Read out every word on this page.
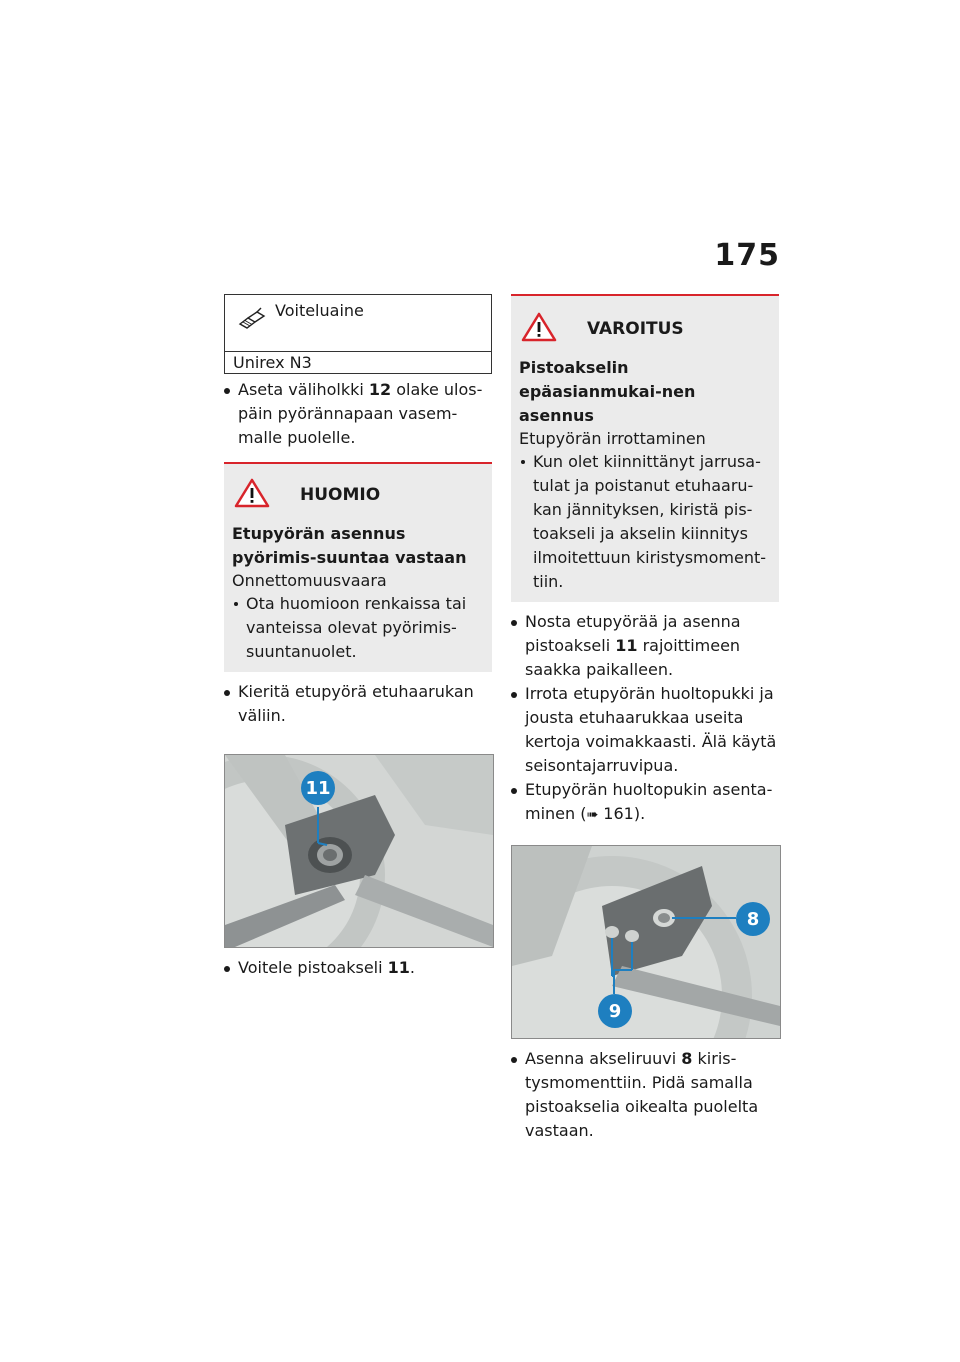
175
Voiteluaine
Unirex N3

Aseta väliholkki 12 olake ulos-päin pyörännapaan vasem-malle puolelle.

HUOMIO
Etupyörän asennus pyörimis-suuntaa vastaan
Onnettomuusvaara
Ota huomioon renkaissa tai vanteissa olevat pyörimis-suuntanuolet.

Kieritä etupyörä etuhaarukan väliin.

11

Voitele pistoakseli 11.

VAROITUS
Pistoakselin epäasianmukai-nen asennus
Etupyörän irrottaminen
Kun olet kiinnittänyt jarrusa-tulat ja poistanut etuhaaru-kan jännityksen, kiristä pis-toakseli ja akselin kiinnitys ilmoitettuun kiristysmoment-tiin.

Nosta etupyörää ja asenna pistoakseli 11 rajoittimeen saakka paikalleen.

Irrota etupyörän huoltopukki ja jousta etuhaarukkaa useita kertoja voimakkaasti. Älä käytä seisontajarruvipua.

Etupyörän huoltopukin asenta-minen (➠ 161).

8
9

Asenna akseliruuvi 8 kiris-tysmomenttiin. Pidä samalla pistoakselia oikealta puolelta vastaan.
